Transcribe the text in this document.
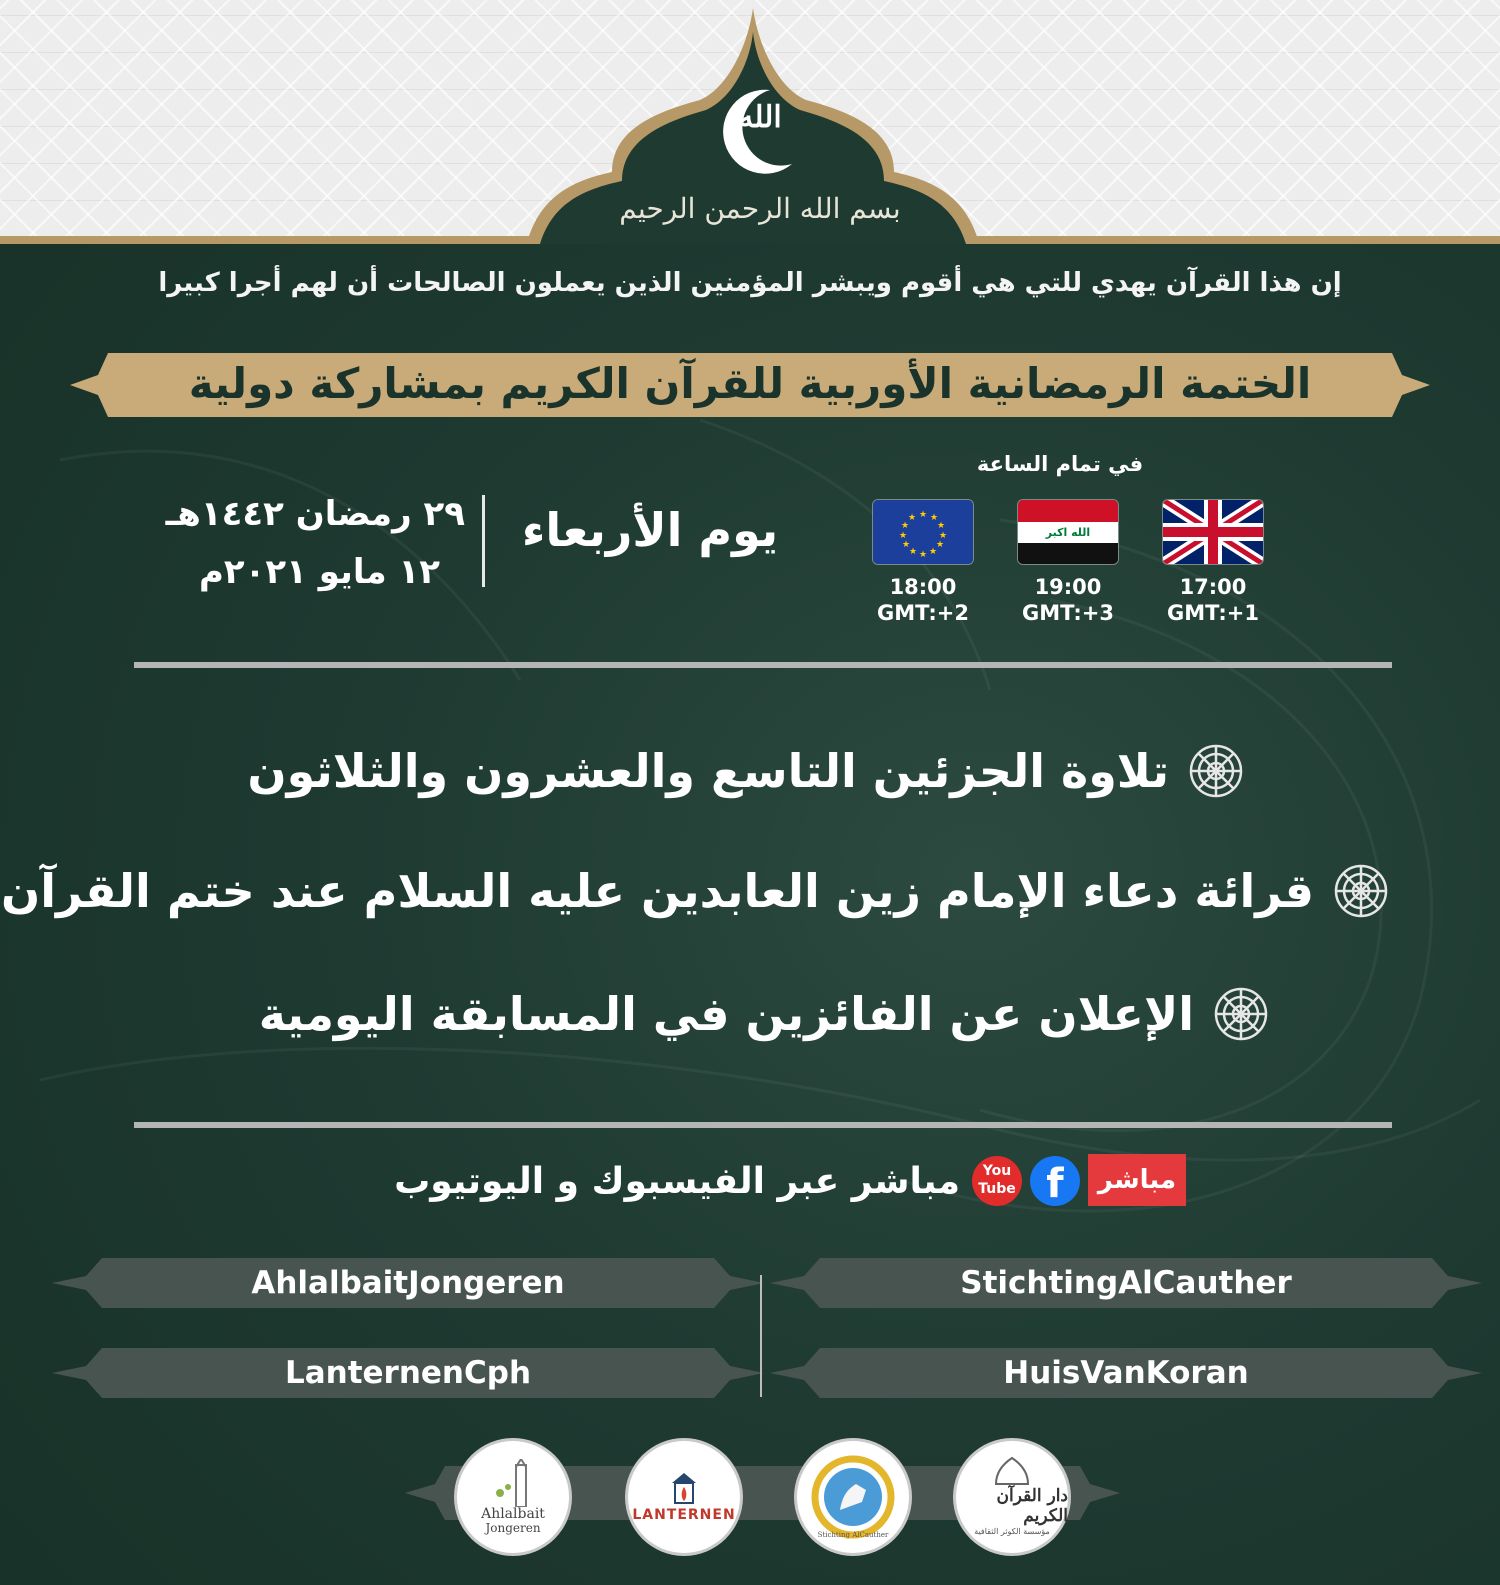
الله
بسم الله الرحمن الرحيم
إن هذا القرآن يهدي للتي هي أقوم ويبشر المؤمنين الذين يعملون الصالحات أن لهم أجرا كبيرا
الختمة الرمضانية الأوربية للقرآن الكريم بمشاركة دولية
في تمام الساعة
★ ★
★
★
★
★
★
★
★
★
★
★
الله اكبر
18:00
GMT:+2
19:00
GMT:+3
17:00
GMT:+1
يوم الأربعاء
٢٩ رمضان ١٤٤٢هـ
١٢ مايو ٢٠٢١م
تلاوة الجزئين التاسع والعشرون والثلاثون
قرائة دعاء الإمام زين العابدين عليه السلام عند ختم القرآن
الإعلان عن الفائزين في المسابقة اليومية
مباشر
f
You
Tube
مباشر عبر الفيسبوك و اليوتيوب
AhlalbaitJongeren
LanternenCph
StichtingAlCauther
HuisVanKoran
Ahlalbait
Jongeren
LANTERNEN
Stichting AlCauther
دار القرآن الكريم
مؤسسة الكوثر الثقافية
